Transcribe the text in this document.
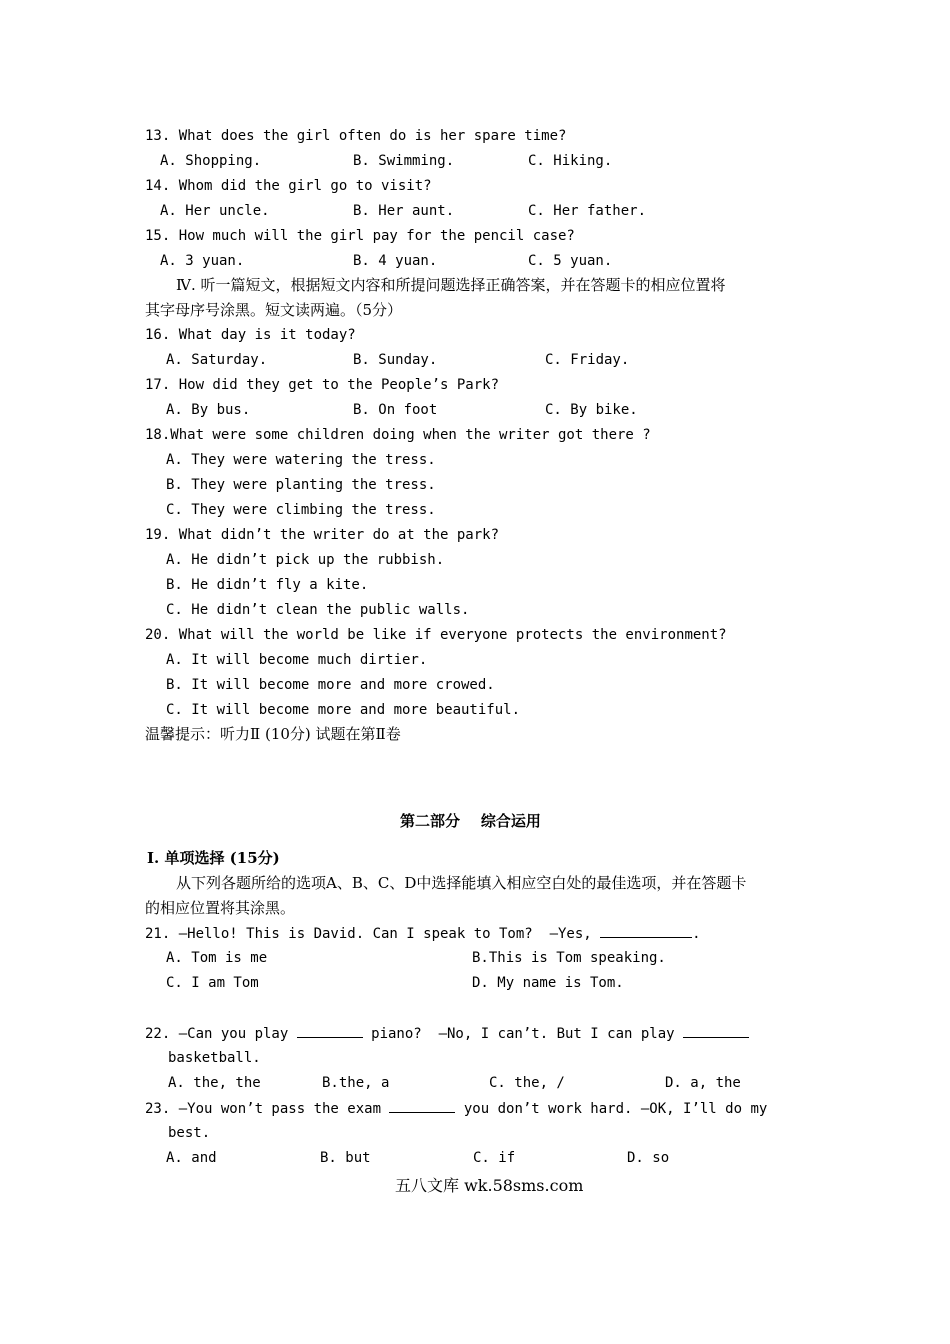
13. What does the girl often do is her spare time?
A. Shopping.	B. Swimming.	C. Hiking.
14. Whom did the girl go to visit?
A. Her uncle.	B. Her aunt.	C. Her father.
15. How much will the girl pay for the pencil case?
A. 3 yuan.	B. 4 yuan.	C. 5 yuan.
Ⅳ. 听一篇短文，根据短文内容和所提问题选择正确答案，并在答题卡的相应位置将
其字母序号涂黑。短文读两遍。（5分）
16. What day is it today?
A. Saturday.	B. Sunday.	C. Friday.
17. How did they get to the People’s Park?
A. By bus.	B. On foot	C. By bike.
18.What were some children doing when the writer got there ?
A. They were watering the tress.
B. They were planting the tress.
C. They were climbing the tress.
19. What didn’t the writer do at the park?
A. He didn’t pick up the rubbish.
B. He didn’t fly a kite.
C. He didn’t clean the public walls.
20. What will the world be like if everyone protects the environment?
A. It will become much dirtier.
B. It will become more and more crowed.
C. It will become more and more beautiful.
温馨提示：听力Ⅱ (10分) 试题在第Ⅱ卷
第二部分    综合运用
Ⅰ. 单项选择 (15分)
从下列各题所给的选项A、B、C、D中选择能填入相应空白处的最佳选项，并在答题卡
的相应位置将其涂黑。
21. —Hello! This is David. Can I speak to Tom?  —Yes,	.
A. Tom is me	B.This is Tom speaking.
C. I am Tom	D. My name is Tom.
22. —Can you play	piano?  —No, I can’t. But I can play
basketball.
A. the, the	B.the, a	C. the, /	D. a, the
23. —You won’t pass the exam	you don’t work hard. —OK, I’ll do my
best.
A. and	B. but	C. if	D. so
五八文库 wk.58sms.com
